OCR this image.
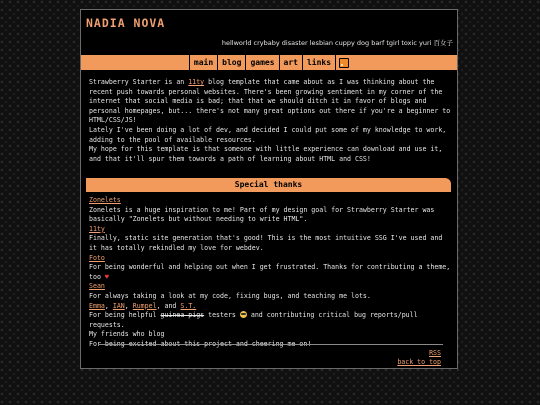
NADIA NOVA
hellworld crybaby disaster lesbian cuppy dog barf tgirl toxic yuri 百女子
main	blog	games	art	links

Strawberry Starter is an 11ty blog template that came about as I was thinking about the recent push towards personal websites. There's been growing sentiment in my corner of the internet that social media is bad; that that we should ditch it in favor of blogs and personal homepages, but... there's not many great options out there if you're a beginner to HTML/CSS/JS!

Lately I've been doing a lot of dev, and decided I could put some of my knowledge to work, adding to the pool of available resources.

My hope for this template is that someone with little experience can download and use it, and that it'll spur them towards a path of learning about HTML and CSS!

Special thanks

Zonelets

Zonelets is a huge inspiration to me! Part of my design goal for Strawberry Starter was basically "Zonelets but without needing to write HTML".

11ty

Finally, static site generation that's good! This is the most intuitive SSG I've used and it has totally rekindled my love for webdev.

Foto

For being wonderful and helping out when I get frustrated. Thanks for contributing a theme, too ♥

Sean

For always taking a look at my code, fixing bugs, and teaching me lots.

Emma, IAN, Rumpel, and S.T.

For being helpful guinea pigs testers  and contributing critical bug reports/pull requests.

My friends who blog

For being excited about this project and cheering me on!

RSS
back to top
